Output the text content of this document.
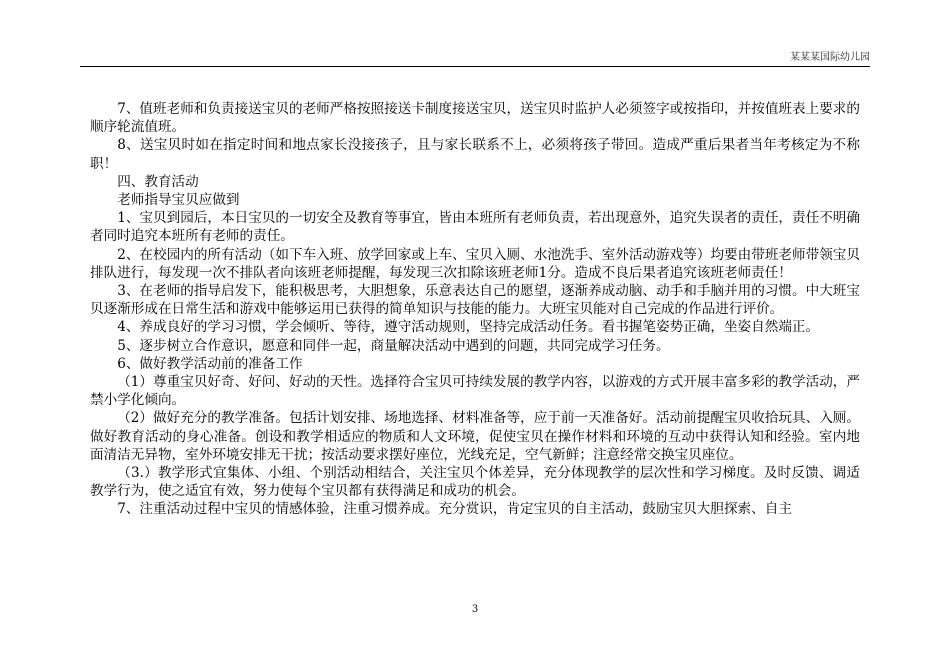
某某某国际幼儿园

7、值班老师和负责接送宝贝的老师严格按照接送卡制度接送宝贝，送宝贝时监护人必须签字或按指印，并按值班表上要求的顺序轮流值班。

8、送宝贝时如在指定时间和地点家长没接孩子，且与家长联系不上，必须将孩子带回。造成严重后果者当年考核定为不称职！

四、教育活动

老师指导宝贝应做到

1、宝贝到园后，本日宝贝的一切安全及教育等事宜，皆由本班所有老师负责，若出现意外，追究失误者的责任，责任不明确者同时追究本班所有老师的责任。

2、在校园内的所有活动（如下车入班、放学回家或上车、宝贝入厕、水池洗手、室外活动游戏等）均要由带班老师带领宝贝排队进行，每发现一次不排队者向该班老师提醒，每发现三次扣除该班老师1分。造成不良后果者追究该班老师责任！

3、在老师的指导启发下，能积极思考，大胆想象，乐意表达自己的愿望，逐渐养成动脑、动手和手脑并用的习惯。中大班宝贝逐渐形成在日常生活和游戏中能够运用已获得的简单知识与技能的能力。大班宝贝能对自己完成的作品进行评价。

4、养成良好的学习习惯，学会倾听、等待，遵守活动规则，坚持完成活动任务。看书握笔姿势正确，坐姿自然端正。

5、逐步树立合作意识，愿意和同伴一起，商量解决活动中遇到的问题，共同完成学习任务。

6、做好教学活动前的准备工作

（1）尊重宝贝好奇、好问、好动的天性。选择符合宝贝可持续发展的教学内容，以游戏的方式开展丰富多彩的教学活动，严禁小学化倾向。

（2）做好充分的教学准备。包括计划安排、场地选择、材料准备等，应于前一天准备好。活动前提醒宝贝收拾玩具、入厕。做好教育活动的身心准备。创设和教学相适应的物质和人文环境，促使宝贝在操作材料和环境的互动中获得认知和经验。室内地面清洁无异物，室外环境安排无干扰；按活动要求摆好座位，光线充足，空气新鲜；注意经常交换宝贝座位。

（3.）教学形式宜集体、小组、个别活动相结合，关注宝贝个体差异，充分体现教学的层次性和学习梯度。及时反馈、调适教学行为，使之适宜有效，努力使每个宝贝都有获得满足和成功的机会。

7、注重活动过程中宝贝的情感体验，注重习惯养成。充分赏识，肯定宝贝的自主活动，鼓励宝贝大胆探索、自主

3
